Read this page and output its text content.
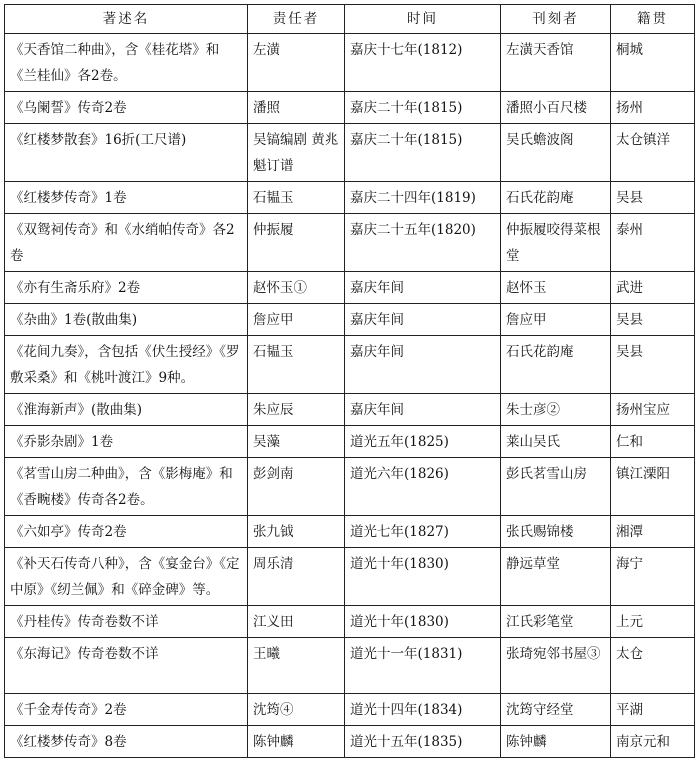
著述名	责任者	时间	刊刻者	籍贯
《天香馆二种曲》，含《桂花塔》和《兰桂仙》各2卷。	左潢	嘉庆十七年(1812)	左潢天香馆	桐城
《乌阑誓》传奇2卷	潘照	嘉庆二十年(1815)	潘照小百尺楼	扬州
《红楼梦散套》16折(工尺谱)	吴镐编剧 黄兆魁订谱	嘉庆二十年(1815)	吴氏蟾波阁	太仓镇洋
《红楼梦传奇》1卷	石韫玉	嘉庆二十四年(1819)	石氏花韵庵	吴县
《双鸳祠传奇》和《水绡帕传奇》各2卷	仲振履	嘉庆二十五年(1820)	仲振履咬得菜根堂	泰州
《亦有生斋乐府》2卷	赵怀玉①	嘉庆年间	赵怀玉	武进
《杂曲》1卷(散曲集)	詹应甲	嘉庆年间	詹应甲	吴县
《花间九奏》，含包括《伏生授经》《罗敷采桑》和《桃叶渡江》9种。	石韫玉	嘉庆年间	石氏花韵庵	吴县
《淮海新声》(散曲集)	朱应辰	嘉庆年间	朱士彦②	扬州宝应
《乔影杂剧》1卷	吴藻	道光五年(1825)	莱山吴氏	仁和
《茗雪山房二种曲》，含《影梅庵》和《香畹楼》传奇各2卷。	彭剑南	道光六年(1826)	彭氏茗雪山房	镇江溧阳
《六如亭》传奇2卷	张九钺	道光七年(1827)	张氏赐锦楼	湘潭
《补天石传奇八种》，含《宴金台》《定中原》《纫兰佩》和《碎金碑》等。	周乐清	道光十年(1830)	静远草堂	海宁
《丹桂传》传奇卷数不详	江义田	道光十年(1830)	江氏彩笔堂	上元
《东海记》传奇卷数不详	王曦	道光十一年(1831)	张琦宛邻书屋③	太仓
《千金寿传奇》2卷	沈筠④	道光十四年(1834)	沈筠守经堂	平湖
《红楼梦传奇》8卷	陈钟麟	道光十五年(1835)	陈钟麟	南京元和
